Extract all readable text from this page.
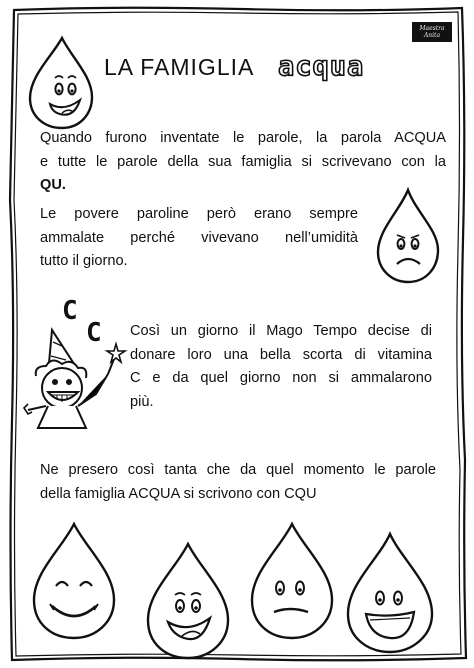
Maestra Anita
LA FAMIGLIA acqua
Quando furono inventate le parole, la parola ACQUA
e tutte le parole della sua famiglia si scrivevano con la
QU.
Le povere paroline però erano sempre
ammalate perché vivevano nell’umidità
tutto il giorno.
C
C Così un giorno il Mago Tempo decise di
donare loro una bella scorta di vitamina
C e da quel giorno non si ammalarono
più.
Ne presero così tanta che da quel momento le parole
della famiglia ACQUA si scrivono con CQU
